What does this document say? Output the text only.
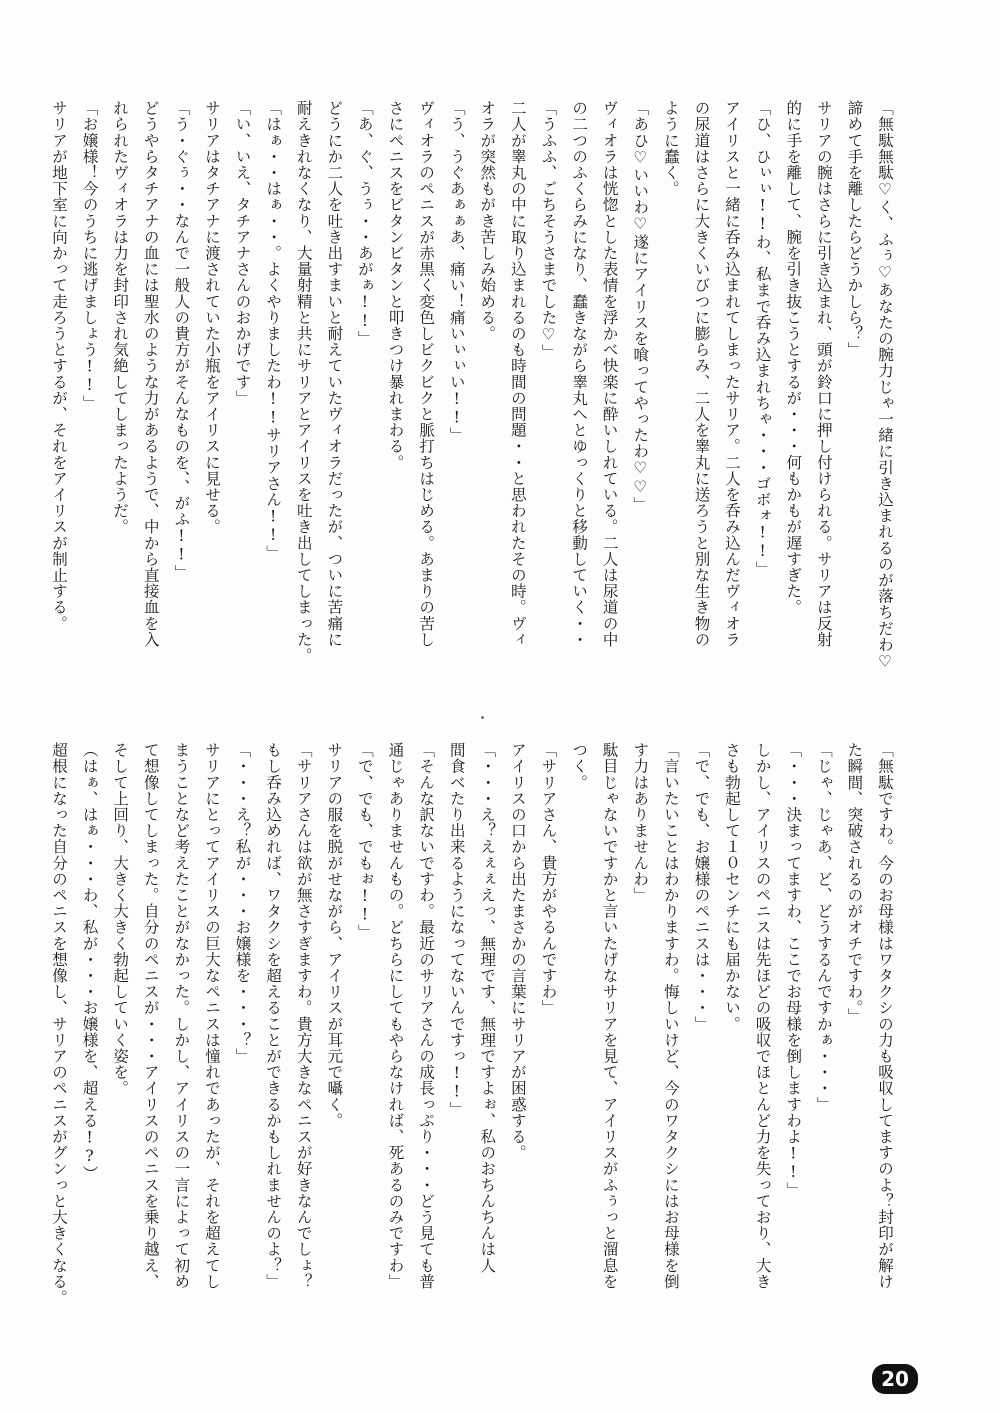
「無駄無駄♡く、ふぅ♡あなたの腕力じゃ一緒に引き込まれるのが落ちだわ♡
諦めて手を離したらどうかしら？」
サリアの腕はさらに引き込まれ、頭が鈴口に押し付けられる。サリアは反射
的に手を離して、腕を引き抜こうとするが・・・何もかもが遅すぎた。
「ひ、ひぃぃ!!わ、私まで呑み込まれちゃ・・・ゴボォ!!」
アイリスと一緒に呑み込まれてしまったサリア。二人を呑み込んだヴィオラ
の尿道はさらに大きくいびつに膨らみ、二人を睾丸に送ろうと別な生き物の
ように蠢く。
「あひ♡いいわ♡遂にアイリスを喰ってやったわ♡♡」
ヴィオラは恍惚とした表情を浮かべ快楽に酔いしれている。二人は尿道の中
の二つのふくらみになり、蠢きながら睾丸へとゆっくりと移動していく・・
「うふふ、ごちそうさまでした♡」
二人が睾丸の中に取り込まれるのも時間の問題・・と思われたその時。ヴィ
オラが突然もがき苦しみ始める。
「う、うぐあぁぁあ、痛い！痛いぃぃい!!」
ヴィオラのペニスが赤黒く変色しビクビクと脈打ちはじめる。あまりの苦し
さにペニスをビタンビタンと叩きつけ暴れまわる。
「あ、ぐ、うぅ・・あがぁ!!」
どうにか二人を吐き出すまいと耐えていたヴィオラだったが、ついに苦痛に
耐えきれなくなり、大量射精と共にサリアとアイリスを吐き出してしまった。
「はぁ・・はぁ・・。よくやりましたわ!!サリアさん!!」
「い、いえ、タチアナさんのおかげです」
サリアはタチアナに渡されていた小瓶をアイリスに見せる。
「う・ぐぅ・・なんで一般人の貴方がそんなものを、、がふ!!」
どうやらタチアナの血には聖水のような力があるようで、中から直接血を入
れられたヴィオラは力を封印され気絶してしまったようだ。
「お嬢様！今のうちに逃げましょう!!」
サリアが地下室に向かって走ろうとするが、それをアイリスが制止する。
「無駄ですわ。今のお母様はワタクシの力も吸収してますのよ？封印が解け
た瞬間、突破されるのがオチですわ。」
「じゃ、じゃあ、ど、どうするんですかぁ・・・」
「・・・決まってますわ、ここでお母様を倒しますわよ!!」
しかし、アイリスのペニスは先ほどの吸収でほとんど力を失っており、大き
さも勃起して１０センチにも届かない。
「で、でも、お嬢様のペニスは・・・」
「言いたいことはわかりますわ。悔しいけど、今のワタクシにはお母様を倒
す力はありませんわ」
駄目じゃないですかと言いたげなサリアを見て、アイリスがふぅっと溜息を
つく。
「サリアさん、貴方がやるんですわ」
アイリスの口から出たまさかの言葉にサリアが困惑する。
「・・・え？えぇぇえっ、無理です、無理ですよぉ、私のおちんちんは人
間食べたり出来るようになってないんですっ!!」
「そんな訳ないですわ。最近のサリアさんの成長っぷり・・・どう見ても普
通じゃありませんもの。どちらにしてもやらなければ、死あるのみですわ」
「で、でも、でもぉ!!」
サリアの服を脱がせながら、アイリスが耳元で囁く。
「サリアさんは欲が無さすぎますわ。貴方大きなペニスが好きなんでしょ？
もし呑み込めれば、ワタクシを超えることができるかもしれませんのよ？」
「・・・え？私が・・・お嬢様を・・・？」
サリアにとってアイリスの巨大なペニスは憧れであったが、それを超えてし
まうことなど考えたことがなかった。しかし、アイリスの一言によって初め
て想像してしまった。自分のペニスが・・・アイリスのペニスを乗り越え、
そして上回り、大きく大きく勃起していく姿を。
（はぁ、はぁ・・・わ、私が・・・お嬢様を、超える!?）
超根になった自分のペニスを想像し、サリアのペニスがグンっと大きくなる。
20
